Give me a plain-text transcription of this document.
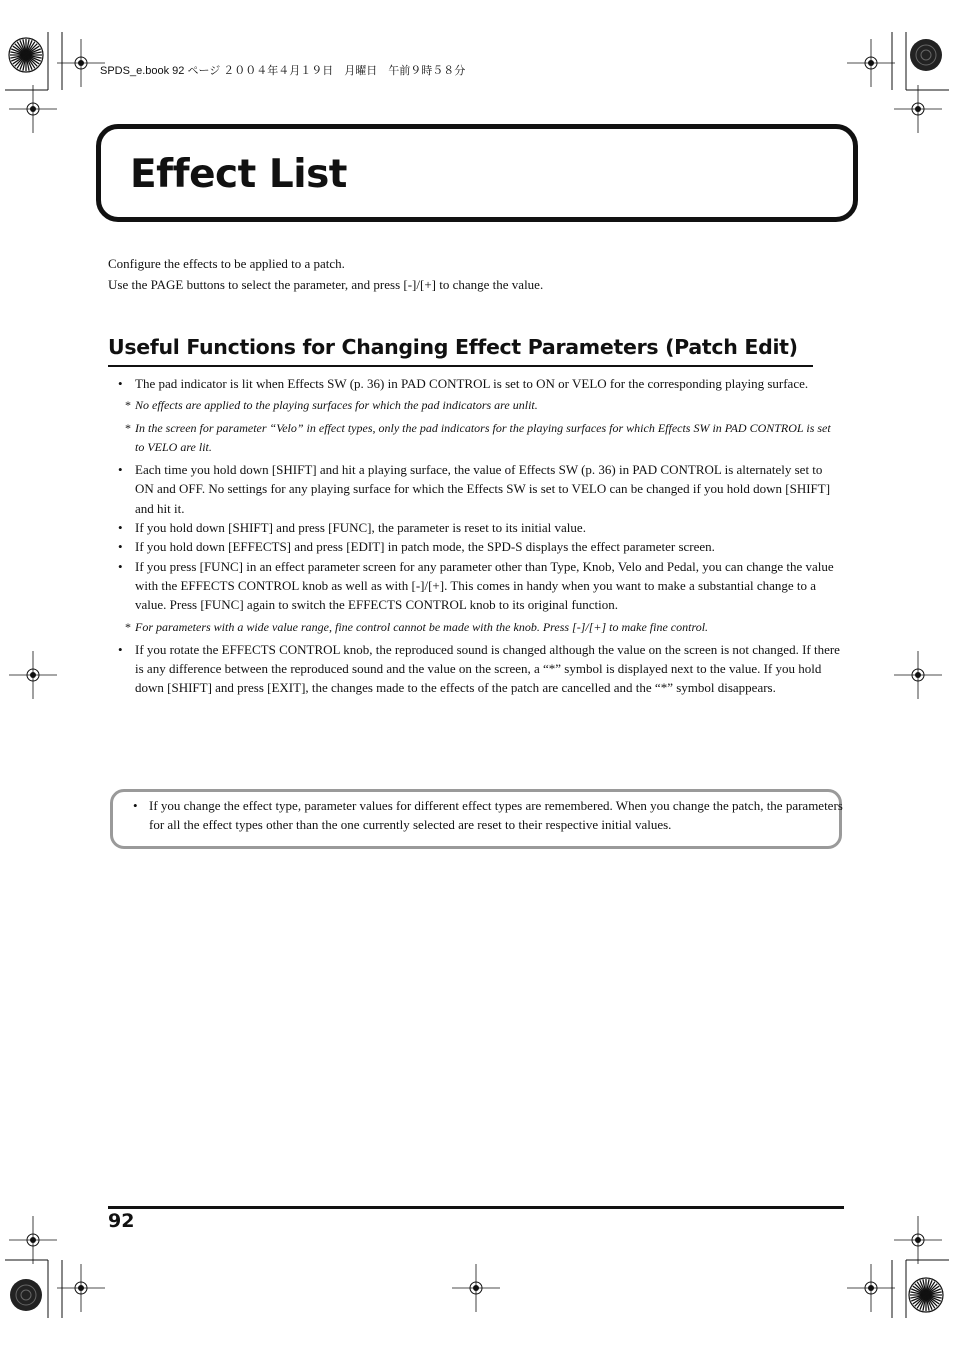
SPDS_e.book 92 ページ ２００４年４月１９日　月曜日　午前９時５８分
Effect List
Configure the effects to be applied to a patch.
Use the PAGE buttons to select the parameter, and press [-]/[+] to change the value.
Useful Functions for Changing Effect Parameters (Patch Edit)
• The pad indicator is lit when Effects SW (p. 36) in PAD CONTROL is set to ON or VELO for the corresponding playing surface.
* No effects are applied to the playing surfaces for which the pad indicators are unlit.
* In the screen for parameter “Velo” in effect types, only the pad indicators for the playing surfaces for which Effects SW in PAD CONTROL is set to VELO are lit.
• Each time you hold down [SHIFT] and hit a playing surface, the value of Effects SW (p. 36) in PAD CONTROL is alternately set to ON and OFF. No settings for any playing surface for which the Effects SW is set to VELO can be changed if you hold down [SHIFT] and hit it.
• If you hold down [SHIFT] and press [FUNC], the parameter is reset to its initial value.
• If you hold down [EFFECTS] and press [EDIT] in patch mode, the SPD-S displays the effect parameter screen.
• If you press [FUNC] in an effect parameter screen for any parameter other than Type, Knob, Velo and Pedal, you can change the value with the EFFECTS CONTROL knob as well as with [-]/[+]. This comes in handy when you want to make a substantial change to a value. Press [FUNC] again to switch the EFFECTS CONTROL knob to its original function.
* For parameters with a wide value range, fine control cannot be made with the knob. Press [-]/[+] to make fine control.
• If you rotate the EFFECTS CONTROL knob, the reproduced sound is changed although the value on the screen is not changed. If there is any difference between the reproduced sound and the value on the screen, a “*” symbol is displayed next to the value. If you hold down [SHIFT] and press [EXIT], the changes made to the effects of the patch are cancelled and the “*” symbol disappears.
• If you change the effect type, parameter values for different effect types are remembered. When you change the patch, the parameters for all the effect types other than the one currently selected are reset to their respective initial values.
92
